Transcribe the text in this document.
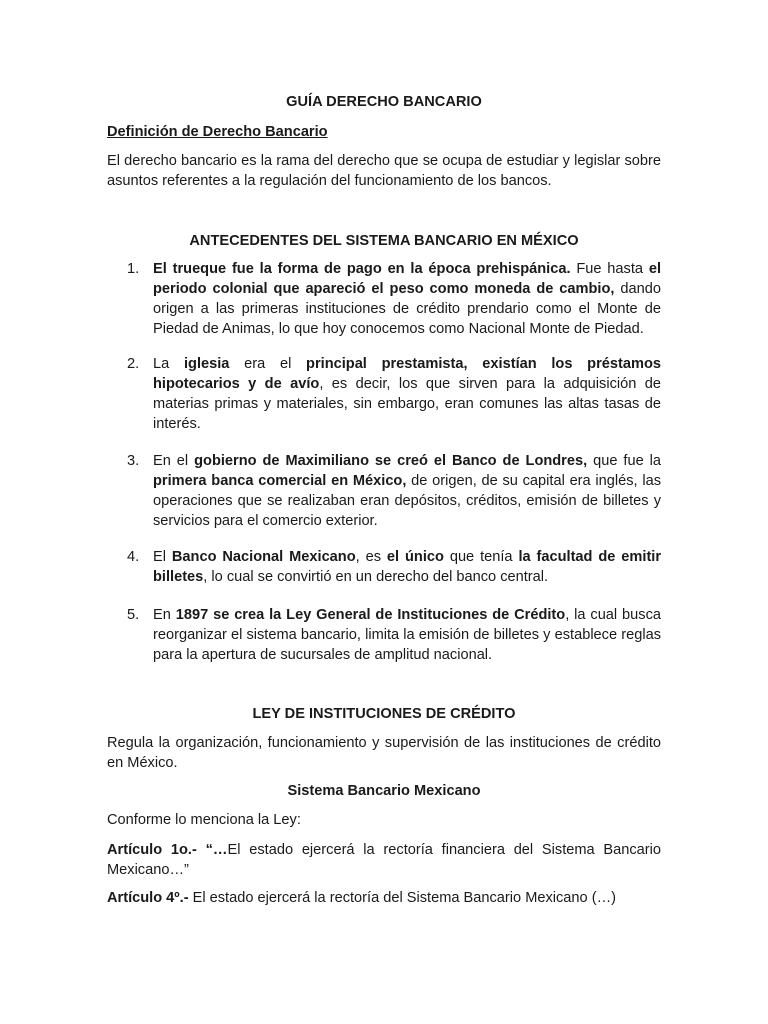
GUÍA DERECHO BANCARIO
Definición de Derecho Bancario

El derecho bancario es la rama del derecho que se ocupa de estudiar y legislar sobre asuntos referentes a la regulación del funcionamiento de los bancos.

ANTECEDENTES DEL SISTEMA BANCARIO EN MÉXICO
1. El trueque fue la forma de pago en la época prehispánica. Fue hasta el periodo colonial que apareció el peso como moneda de cambio, dando origen a las primeras instituciones de crédito prendario como el Monte de Piedad de Animas, lo que hoy conocemos como Nacional Monte de Piedad.

2. La iglesia era el principal prestamista, existían los préstamos hipotecarios y de avío, es decir, los que sirven para la adquisición de materias primas y materiales, sin embargo, eran comunes las altas tasas de interés.

3. En el gobierno de Maximiliano se creó el Banco de Londres, que fue la primera banca comercial en México, de origen, de su capital era inglés, las operaciones que se realizaban eran depósitos, créditos, emisión de billetes y servicios para el comercio exterior.

4. El Banco Nacional Mexicano, es el único que tenía la facultad de emitir billetes, lo cual se convirtió en un derecho del banco central.

5. En 1897 se crea la Ley General de Instituciones de Crédito, la cual busca reorganizar el sistema bancario, limita la emisión de billetes y establece reglas para la apertura de sucursales de amplitud nacional.

LEY DE INSTITUCIONES DE CRÉDITO

Regula la organización, funcionamiento y supervisión de las instituciones de crédito en México.

Sistema Bancario Mexicano

Conforme lo menciona la Ley:

Artículo 1o.- “…El estado ejercerá la rectoría financiera del Sistema Bancario Mexicano…”

Artículo 4º.- El estado ejercerá la rectoría del Sistema Bancario Mexicano (…)
